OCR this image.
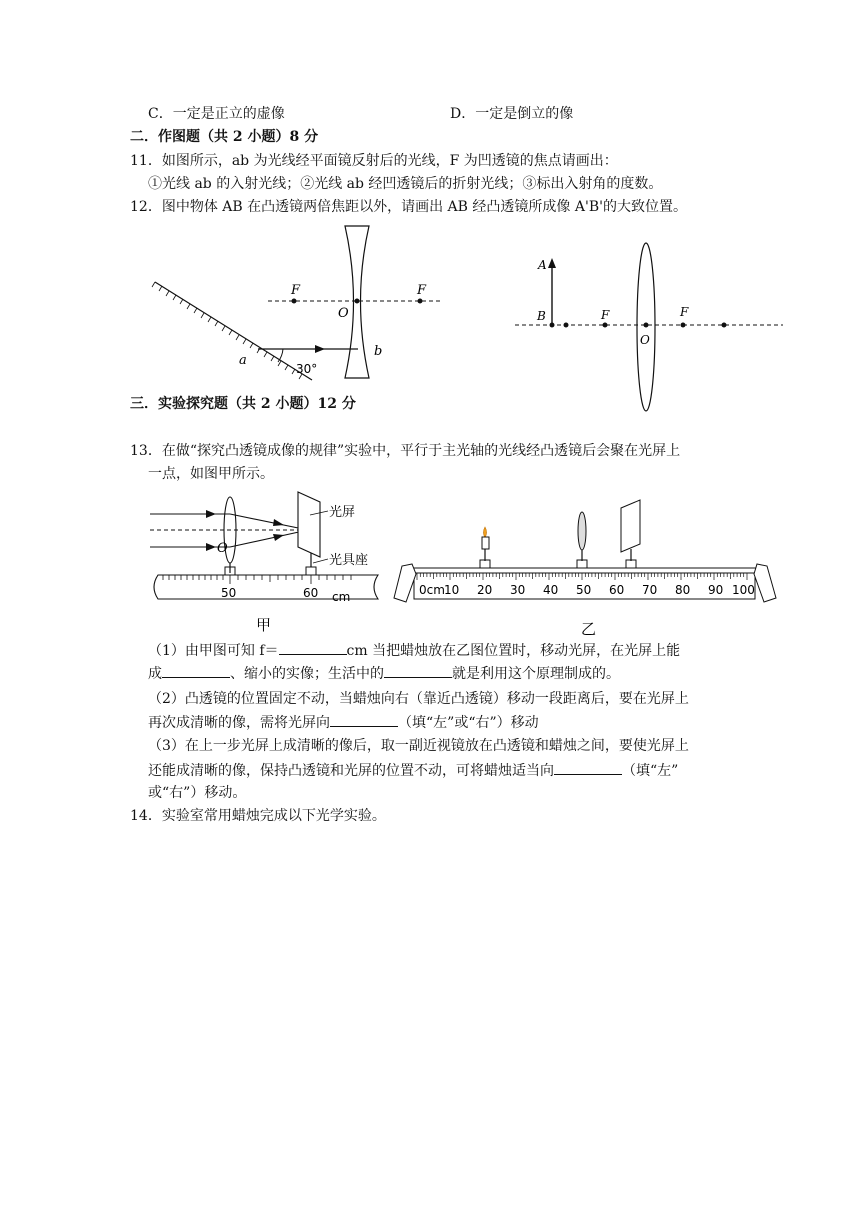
C．一定是正立的虚像	D．一定是倒立的像
二．作图题（共 2 小题）8 分
11．如图所示，ab 为光线经平面镜反射后的光线，F 为凹透镜的焦点请画出：
①光线 ab 的入射光线；②光线 ab 经凹透镜后的折射光线；③标出入射角的度数。
12．图中物体 AB 在凸透镜两倍焦距以外，请画出 AB 经凸透镜所成像 A'B'的大致位置。
F	F
O
a
b
30°
A
B	F	F
O
三．实验探究题（共 2 小题）12 分
13．在做“探究凸透镜成像的规律”实验中，平行于主光轴的光线经凸透镜后会聚在光屏上
一点，如图甲所示。
O
光屏
光具座
50	60 cm
甲
0cm 10 20 30 40 50 60 70 80 90 100
乙
（1）由甲图可知 f＝	cm 当把蜡烛放在乙图位置时，移动光屏，在光屏上能
成	、缩小的实像；生活中的	就是利用这个原理制成的。
（2）凸透镜的位置固定不动，当蜡烛向右（靠近凸透镜）移动一段距离后，要在光屏上
再次成清晰的像，需将光屏向	（填“左”或“右”）移动
（3）在上一步光屏上成清晰的像后，取一副近视镜放在凸透镜和蜡烛之间，要使光屏上
还能成清晰的像，保持凸透镜和光屏的位置不动，可将蜡烛适当向	（填“左”
或“右”）移动。
14．实验室常用蜡烛完成以下光学实验。
